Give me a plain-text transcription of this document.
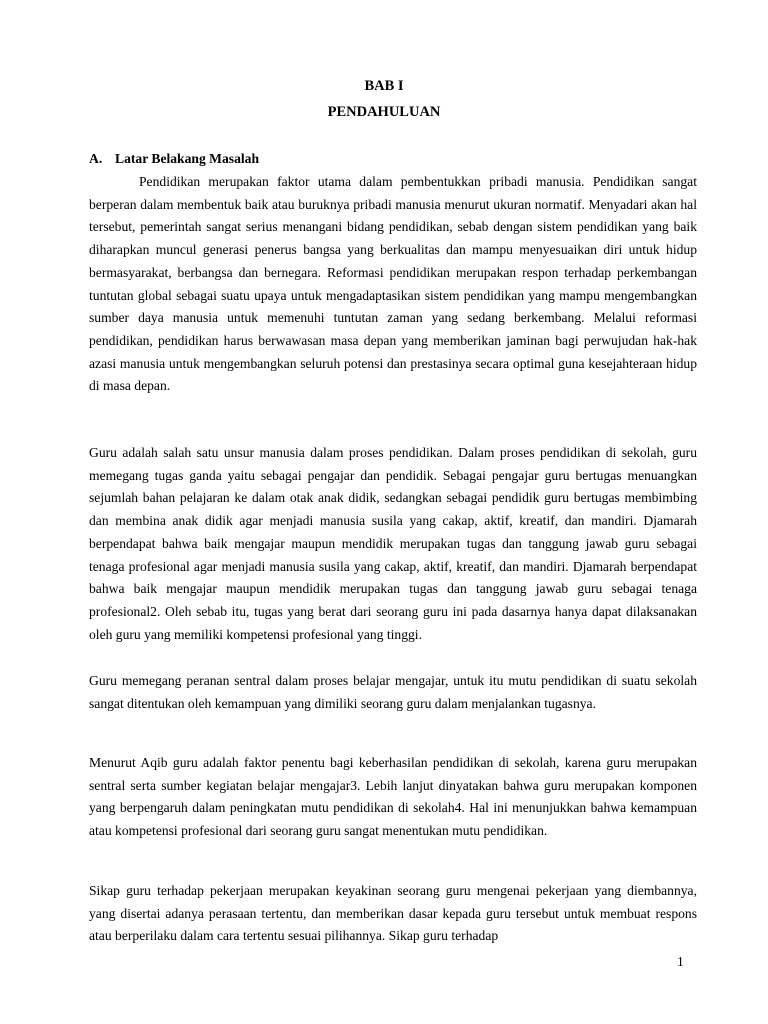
BAB I

PENDAHULUAN

A. Latar Belakang Masalah

Pendidikan merupakan faktor utama dalam pembentukkan pribadi manusia. Pendidikan sangat berperan dalam membentuk baik atau buruknya pribadi manusia menurut ukuran normatif. Menyadari akan hal tersebut, pemerintah sangat serius menangani bidang pendidikan, sebab dengan sistem pendidikan yang baik diharapkan muncul generasi penerus bangsa yang berkualitas dan mampu menyesuaikan diri untuk hidup bermasyarakat, berbangsa dan bernegara. Reformasi pendidikan merupakan respon terhadap perkembangan tuntutan global sebagai suatu upaya untuk mengadaptasikan sistem pendidikan yang mampu mengembangkan sumber daya manusia untuk memenuhi tuntutan zaman yang sedang berkembang. Melalui reformasi pendidikan, pendidikan harus berwawasan masa depan yang memberikan jaminan bagi perwujudan hak-hak azasi manusia untuk mengembangkan seluruh potensi dan prestasinya secara optimal guna kesejahteraan hidup di masa depan.

Guru adalah salah satu unsur manusia dalam proses pendidikan. Dalam proses pendidikan di sekolah, guru memegang tugas ganda yaitu sebagai pengajar dan pendidik. Sebagai pengajar guru bertugas menuangkan sejumlah bahan pelajaran ke dalam otak anak didik, sedangkan sebagai pendidik guru bertugas membimbing dan membina anak didik agar menjadi manusia susila yang cakap, aktif, kreatif, dan mandiri. Djamarah berpendapat bahwa baik mengajar maupun mendidik merupakan tugas dan tanggung jawab guru sebagai tenaga profesional agar menjadi manusia susila yang cakap, aktif, kreatif, dan mandiri. Djamarah berpendapat bahwa baik mengajar maupun mendidik merupakan tugas dan tanggung jawab guru sebagai tenaga profesional2. Oleh sebab itu, tugas yang berat dari seorang guru ini pada dasarnya hanya dapat dilaksanakan oleh guru yang memiliki kompetensi profesional yang tinggi.

Guru memegang peranan sentral dalam proses belajar mengajar, untuk itu mutu pendidikan di suatu sekolah sangat ditentukan oleh kemampuan yang dimiliki seorang guru dalam menjalankan tugasnya.

Menurut Aqib guru adalah faktor penentu bagi keberhasilan pendidikan di sekolah, karena guru merupakan sentral serta sumber kegiatan belajar mengajar3. Lebih lanjut dinyatakan bahwa guru merupakan komponen yang berpengaruh dalam peningkatan mutu pendidikan di sekolah4. Hal ini menunjukkan bahwa kemampuan atau kompetensi profesional dari seorang guru sangat menentukan mutu pendidikan.

Sikap guru terhadap pekerjaan merupakan keyakinan seorang guru mengenai pekerjaan yang diembannya, yang disertai adanya perasaan tertentu, dan memberikan dasar kepada guru tersebut untuk membuat respons atau berperilaku dalam cara tertentu sesuai pilihannya. Sikap guru terhadap

1
